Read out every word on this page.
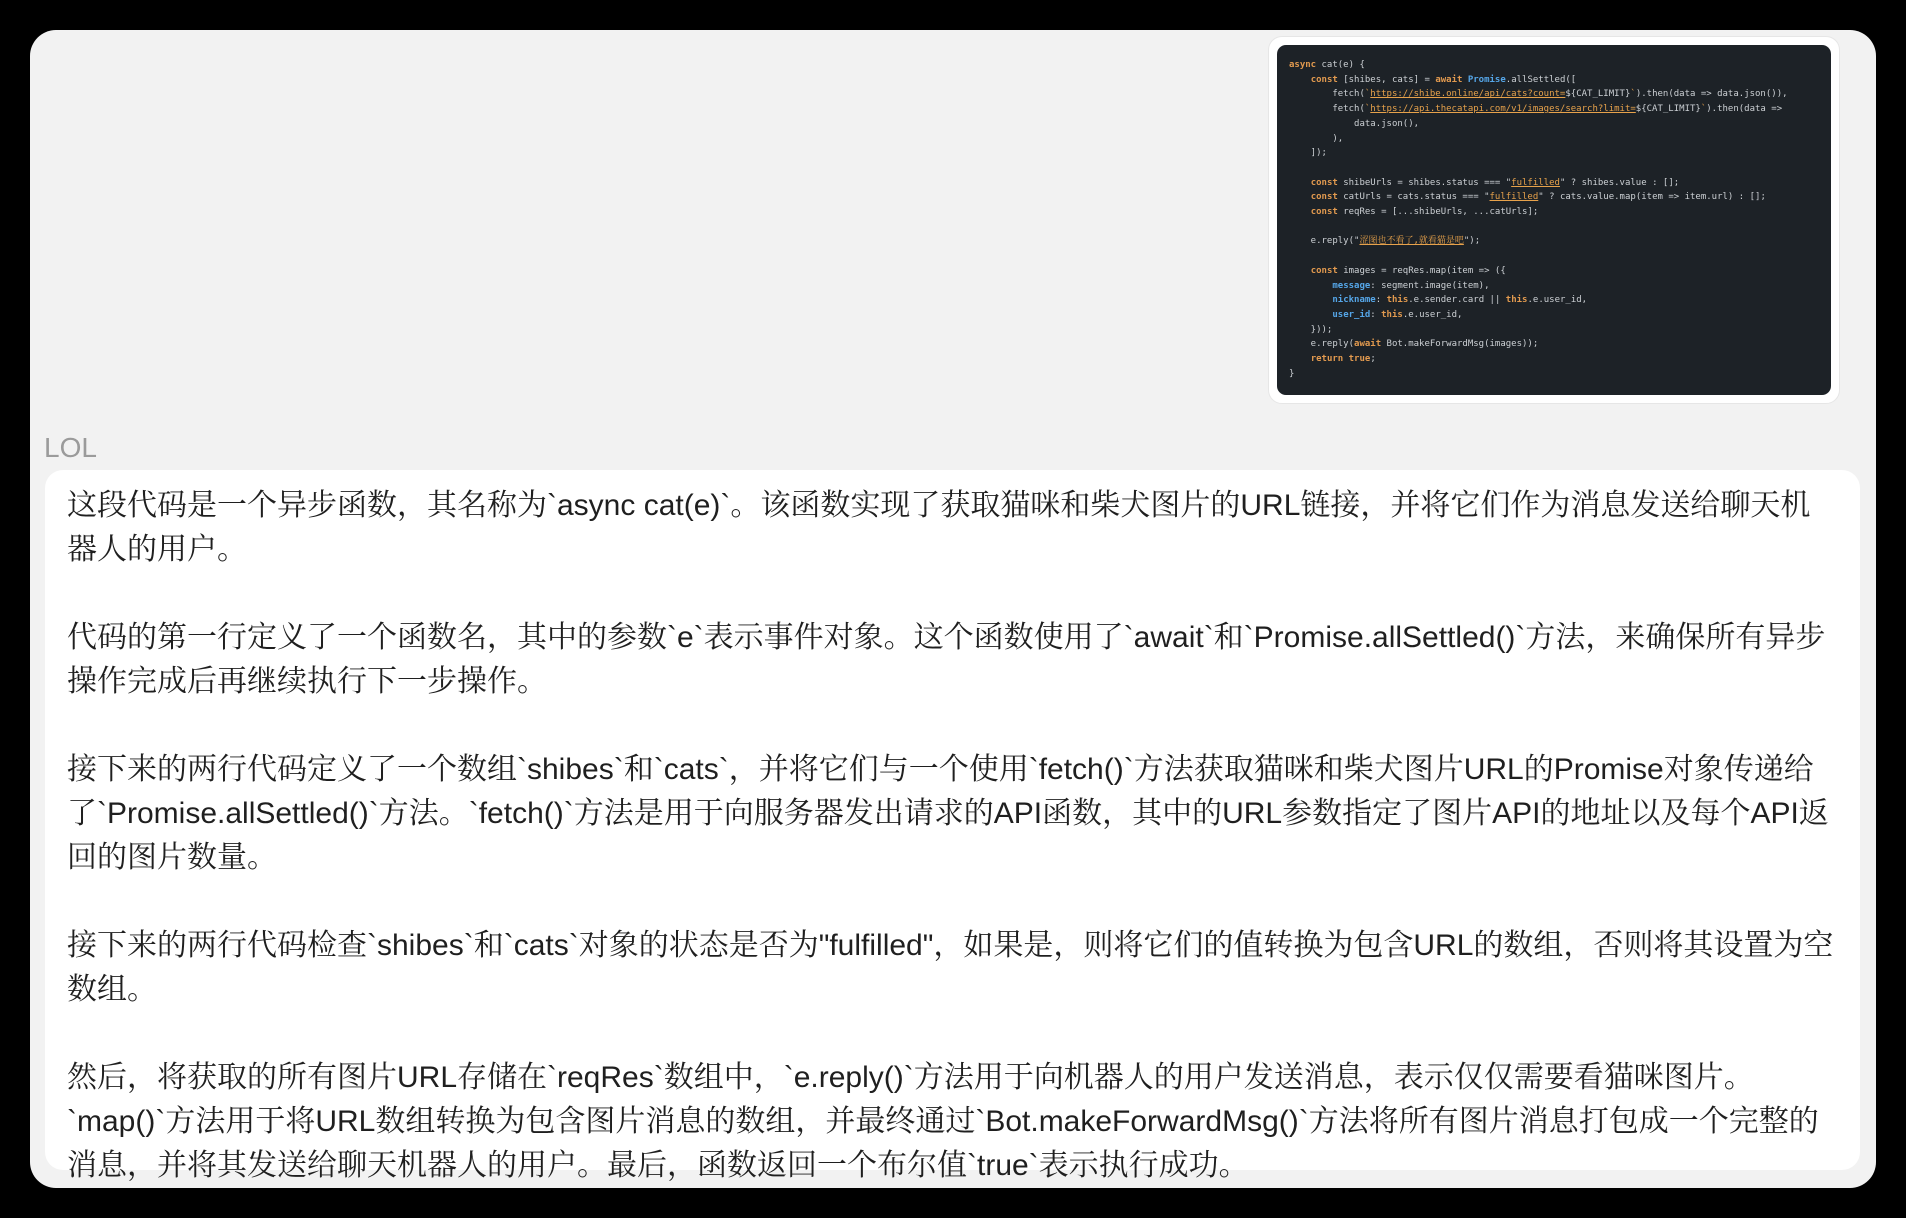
async cat(e) {
const [shibes, cats] = await Promise.allSettled([
fetch(`https://shibe.online/api/cats?count=${CAT_LIMIT}`).then(data => data.json()),
fetch(`https://api.thecatapi.com/v1/images/search?limit=${CAT_LIMIT}`).then(data =>
data.json(),
),
]);

const shibeUrls = shibes.status === "fulfilled" ? shibes.value : [];
const catUrls = cats.status === "fulfilled" ? cats.value.map(item => item.url) : [];
const reqRes = [...shibeUrls, ...catUrls];

e.reply("涩图也不看了,就看猫是吧");

const images = reqRes.map(item => ({
message: segment.image(item),
nickname: this.e.sender.card || this.e.user_id,
user_id: this.e.user_id,
}));
e.reply(await Bot.makeForwardMsg(images));
return true;
}
LOL

这段代码是一个异步函数，其名称为`async cat(e)`。该函数实现了获取猫咪和柴犬图片的URL链接，并将它们作为消息发送给聊天机器人的用户。

代码的第一行定义了一个函数名，其中的参数`e`表示事件对象。这个函数使用了`await`和`Promise.allSettled()`方法，来确保所有异步操作完成后再继续执行下一步操作。

接下来的两行代码定义了一个数组`shibes`和`cats`，并将它们与一个使用`fetch()`方法获取猫咪和柴犬图片URL的Promise对象传递给了`Promise.allSettled()`方法。`fetch()`方法是用于向服务器发出请求的API函数，其中的URL参数指定了图片API的地址以及每个API返回的图片数量。

接下来的两行代码检查`shibes`和`cats`对象的状态是否为"fulfilled"，如果是，则将它们的值转换为包含URL的数组，否则将其设置为空数组。

然后，将获取的所有图片URL存储在`reqRes`数组中，`e.reply()`方法用于向机器人的用户发送消息，表示仅仅需要看猫咪图片。`map()`方法用于将URL数组转换为包含图片消息的数组，并最终通过`Bot.makeForwardMsg()`方法将所有图片消息打包成一个完整的消息，并将其发送给聊天机器人的用户。最后，函数返回一个布尔值`true`表示执行成功。
